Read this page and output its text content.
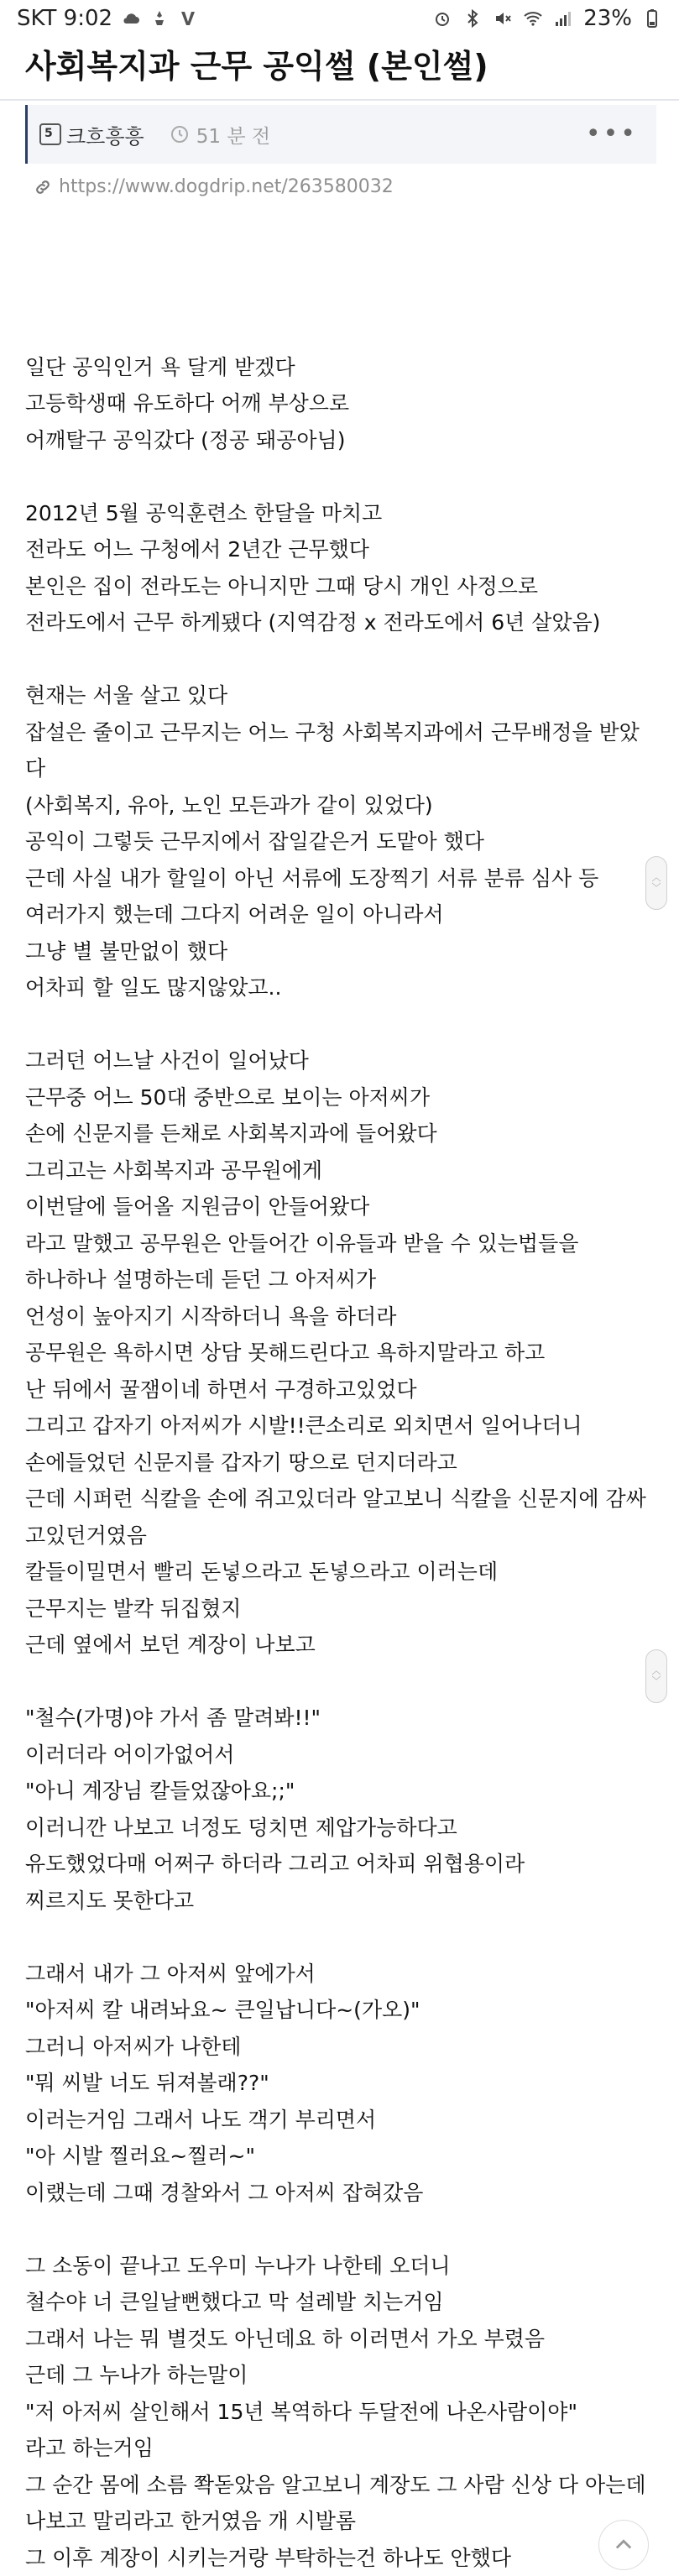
SKT 9:02	23%
사회복지과 근무 공익썰 (본인썰)
5 크흐흥흥	51 분 전	•••
https://www.dogdrip.net/263580032
일단 공익인거 욕 달게 받겠다
고등학생때 유도하다 어깨 부상으로
어깨탈구 공익갔다 (정공 돼공아님)
2012년 5월 공익훈련소 한달을 마치고
전라도 어느 구청에서 2년간 근무했다
본인은 집이 전라도는 아니지만 그때 당시 개인 사정으로
전라도에서 근무 하게됐다 (지역감정 x 전라도에서 6년 살았음)
현재는 서울 살고 있다
잡설은 줄이고 근무지는 어느 구청 사회복지과에서 근무배정을 받았
다
(사회복지, 유아, 노인 모든과가 같이 있었다)
공익이 그렇듯 근무지에서 잡일같은거 도맡아 했다
근데 사실 내가 할일이 아닌 서류에 도장찍기 서류 분류 심사 등
여러가지 했는데 그다지 어려운 일이 아니라서
그냥 별 불만없이 했다
어차피 할 일도 많지않았고..
그러던 어느날 사건이 일어났다
근무중 어느 50대 중반으로 보이는 아저씨가
손에 신문지를 든채로 사회복지과에 들어왔다
그리고는 사회복지과 공무원에게
이번달에 들어올 지원금이 안들어왔다
라고 말했고 공무원은 안들어간 이유들과 받을 수 있는법들을
하나하나 설명하는데 듣던 그 아저씨가
언성이 높아지기 시작하더니 욕을 하더라
공무원은 욕하시면 상담 못해드린다고 욕하지말라고 하고
난 뒤에서 꿀잼이네 하면서 구경하고있었다
그리고 갑자기 아저씨가 시발!!큰소리로 외치면서 일어나더니
손에들었던 신문지를 갑자기 땅으로 던지더라고
근데 시퍼런 식칼을 손에 쥐고있더라 알고보니 식칼을 신문지에 감싸
고있던거였음
칼들이밀면서 빨리 돈넣으라고 돈넣으라고 이러는데
근무지는 발칵 뒤집혔지
근데 옆에서 보던 계장이 나보고
"철수(가명)야 가서 좀 말려봐!!"
이러더라 어이가없어서
"아니 계장님 칼들었잖아요;;"
이러니깐 나보고 너정도 덩치면 제압가능하다고
유도했었다매 어쩌구 하더라 그리고 어차피 위협용이라
찌르지도 못한다고
그래서 내가 그 아저씨 앞에가서
"아저씨 칼 내려놔요~ 큰일납니다~(가오)"
그러니 아저씨가 나한테
"뭐 씨발 너도 뒤져볼래??"
이러는거임 그래서 나도 객기 부리면서
"아 시발 찔러요~찔러~"
이랬는데 그때 경찰와서 그 아저씨 잡혀갔음
그 소동이 끝나고 도우미 누나가 나한테 오더니
철수야 너 큰일날뻔했다고 막 설레발 치는거임
그래서 나는 뭐 별것도 아닌데요 하 이러면서 가오 부렸음
근데 그 누나가 하는말이
"저 아저씨 살인해서 15년 복역하다 두달전에 나온사람이야"
라고 하는거임
그 순간 몸에 소름 쫙돋았음 알고보니 계장도 그 사람 신상 다 아는데
나보고 말리라고 한거였음 개 시발롬
그 이후 계장이 시키는거랑 부탁하는건 하나도 안했다
︿
﹀
︿
﹀
